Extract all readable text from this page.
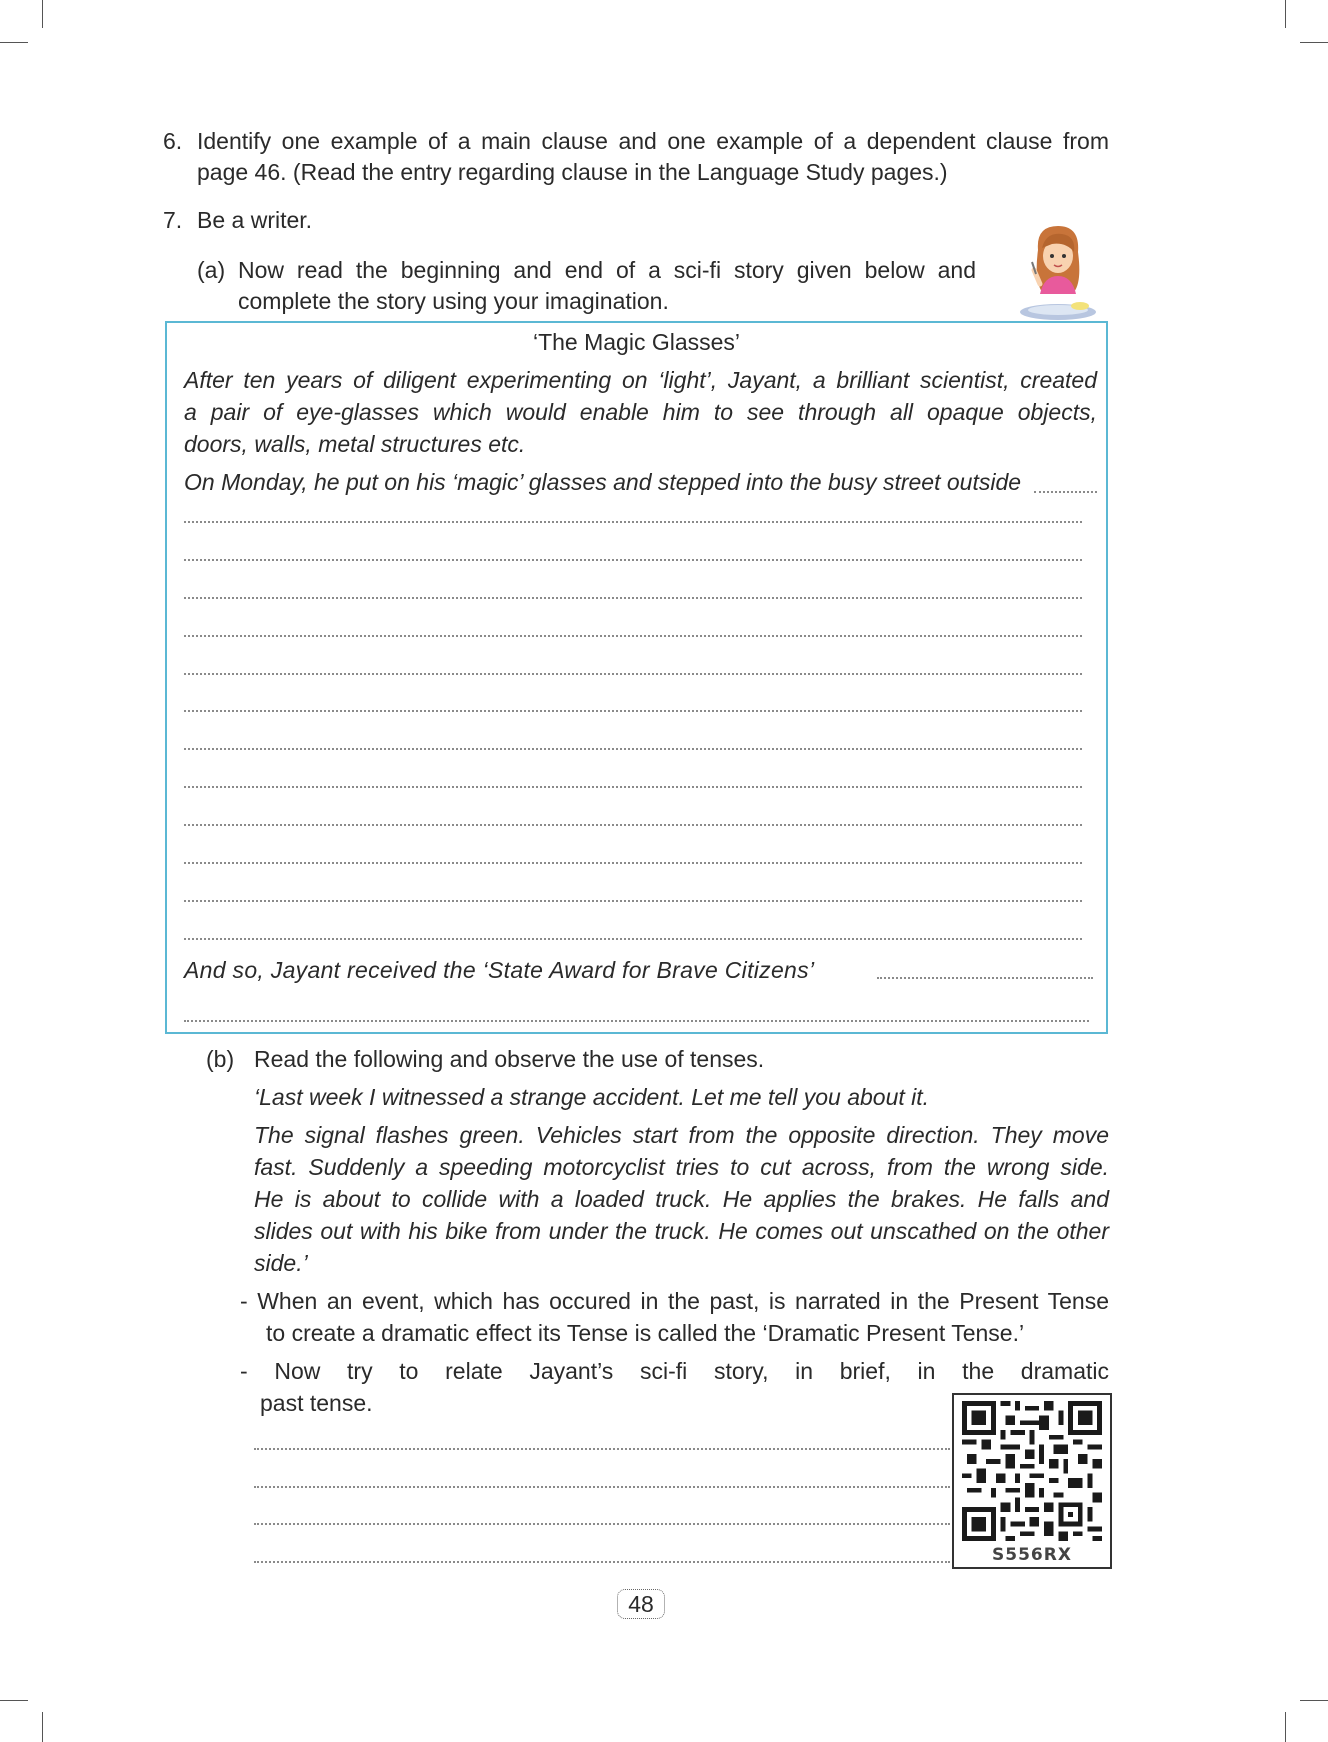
6. Identify one example of a main clause and one example of a dependent clause from
page 46. (Read the entry regarding clause in the Language Study pages.)
7. Be a writer.
(a) Now read the beginning and end of a sci-fi story given below and
complete the story using your imagination.
‘The Magic Glasses’
After ten years of diligent experimenting on ‘light’, Jayant, a brilliant scientist, created
a pair of eye-glasses which would enable him to see through all opaque objects,
doors, walls, metal structures etc.
On Monday, he put on his ‘magic’ glasses and stepped into the busy street outside
And so, Jayant received the ‘State Award for Brave Citizens’
(b) Read the following and observe the use of tenses.
‘Last week I witnessed a strange accident. Let me tell you about it.
The signal flashes green. Vehicles start from the opposite direction. They move
fast. Suddenly a speeding motorcyclist tries to cut across, from the wrong side.
He is about to collide with a loaded truck. He applies the brakes. He falls and
slides out with his bike from under the truck. He comes out unscathed on the other
side.’
- When an event, which has occured in the past, is narrated in the Present Tense
to create a dramatic effect its Tense is called the ‘Dramatic Present Tense.’
- Now try to relate Jayant’s sci-fi story, in brief, in the dramatic
past tense.
S556RX
48
